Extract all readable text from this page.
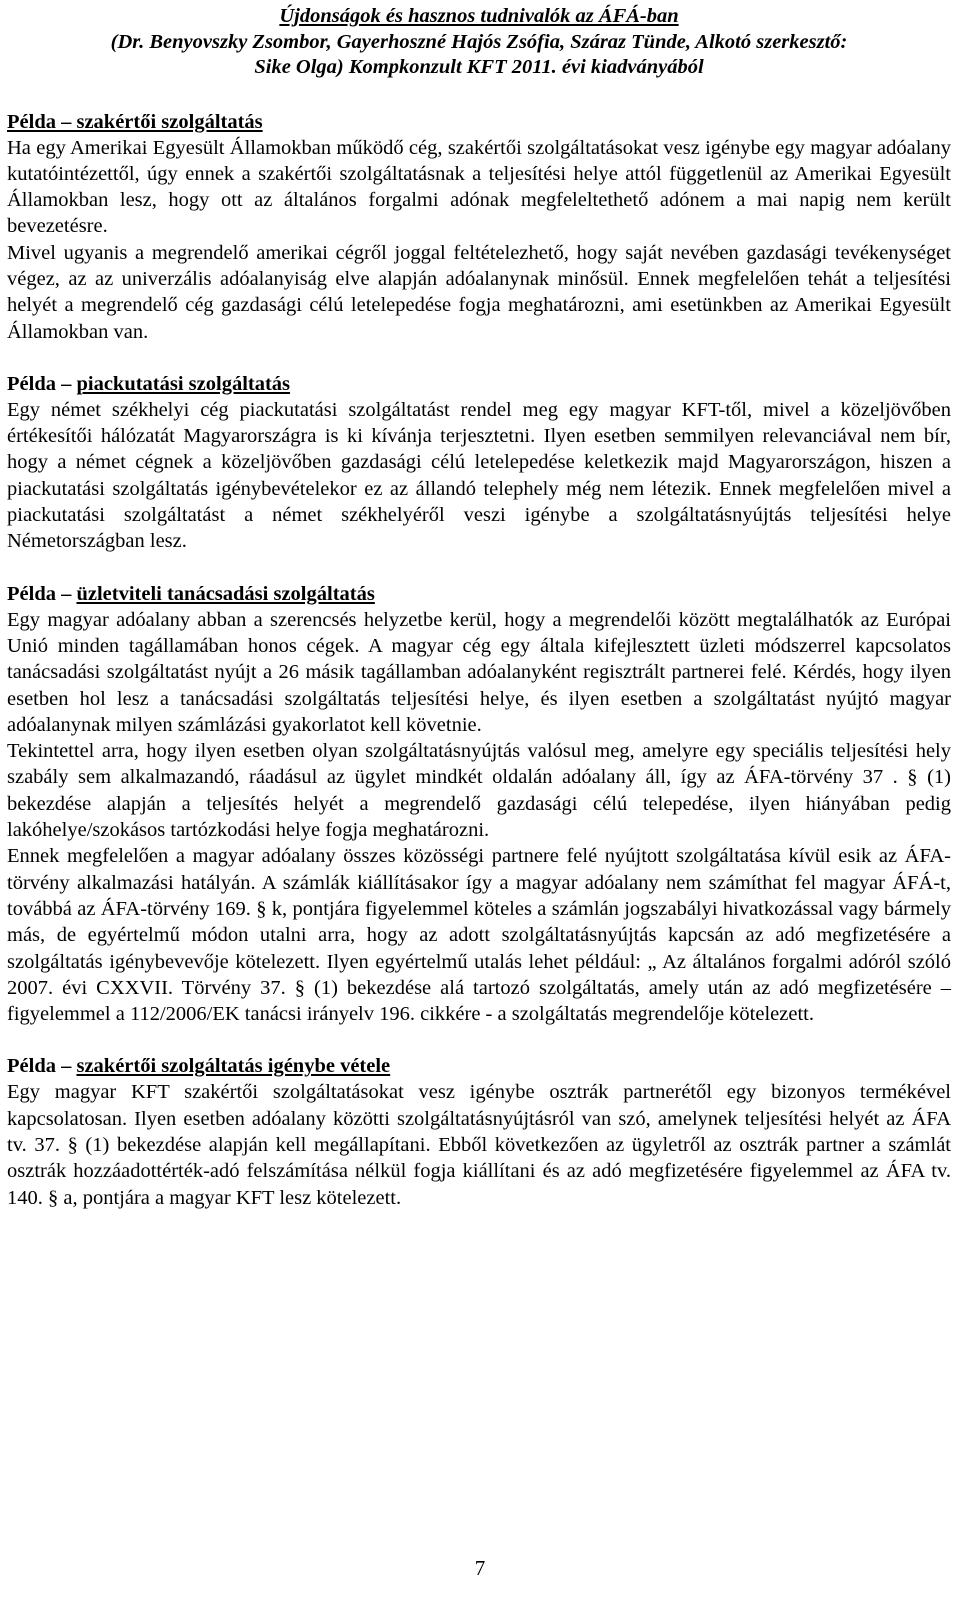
Újdonságok és hasznos tudnivalók az ÁFÁ-ban
(Dr. Benyovszky Zsombor, Gayerhoszné Hajós Zsófia, Száraz Tünde, Alkotó szerkesztő:
Sike Olga) Kompkonzult KFT 2011. évi kiadványából
Példa – szakértői szolgáltatás

Ha egy Amerikai Egyesült Államokban működő cég, szakértői szolgáltatásokat vesz igénybe egy magyar adóalany kutatóintézettől, úgy ennek a szakértői szolgáltatásnak a teljesítési helye attól függetlenül az Amerikai Egyesült Államokban lesz, hogy ott az általános forgalmi adónak megfeleltethető adónem a mai napig nem került bevezetésre.

Mivel ugyanis a megrendelő amerikai cégről joggal feltételezhető, hogy saját nevében gazdasági tevékenységet végez, az az univerzális adóalanyiság elve alapján adóalanynak minősül. Ennek megfelelően tehát a teljesítési helyét a megrendelő cég gazdasági célú letelepedése fogja meghatározni, ami esetünkben az Amerikai Egyesült Államokban van.

Példa – piackutatási szolgáltatás

Egy német székhelyi cég piackutatási szolgáltatást rendel meg egy magyar KFT-től, mivel a közeljövőben értékesítői hálózatát Magyarországra is ki kívánja terjesztetni. Ilyen esetben semmilyen relevanciával nem bír, hogy a német cégnek a közeljövőben gazdasági célú letelepedése keletkezik majd Magyarországon, hiszen a piackutatási szolgáltatás igénybevételekor ez az állandó telephely még nem létezik. Ennek megfelelően mivel a piackutatási szolgáltatást a német székhelyéről veszi igénybe a szolgáltatásnyújtás teljesítési helye Németországban lesz.

Példa – üzletviteli tanácsadási szolgáltatás

Egy magyar adóalany abban a szerencsés helyzetbe kerül, hogy a megrendelői között megtalálhatók az Európai Unió minden tagállamában honos cégek. A magyar cég egy általa kifejlesztett üzleti módszerrel kapcsolatos tanácsadási szolgáltatást nyújt a 26 másik tagállamban adóalanyként regisztrált partnerei felé. Kérdés, hogy ilyen esetben hol lesz a tanácsadási szolgáltatás teljesítési helye, és ilyen esetben a szolgáltatást nyújtó magyar adóalanynak milyen számlázási gyakorlatot kell követnie.

Tekintettel arra, hogy ilyen esetben olyan szolgáltatásnyújtás valósul meg, amelyre egy speciális teljesítési hely szabály sem alkalmazandó, ráadásul az ügylet mindkét oldalán adóalany áll, így az ÁFA-törvény 37 . § (1) bekezdése alapján a teljesítés helyét a megrendelő gazdasági célú telepedése, ilyen hiányában pedig lakóhelye/szokásos tartózkodási helye fogja meghatározni.

Ennek megfelelően a magyar adóalany összes közösségi partnere felé nyújtott szolgáltatása kívül esik az ÁFA-törvény alkalmazási hatályán. A számlák kiállításakor így a magyar adóalany nem számíthat fel magyar ÁFÁ-t, továbbá az ÁFA-törvény 169. § k, pontjára figyelemmel köteles a számlán jogszabályi hivatkozással vagy bármely más, de egyértelmű módon utalni arra, hogy az adott szolgáltatásnyújtás kapcsán az adó megfizetésére a szolgáltatás igénybevevője kötelezett. Ilyen egyértelmű utalás lehet például: „ Az általános forgalmi adóról szóló 2007. évi CXXVII. Törvény 37. § (1) bekezdése alá tartozó szolgáltatás, amely után az adó megfizetésére – figyelemmel a 112/2006/EK tanácsi irányelv 196. cikkére - a szolgáltatás megrendelője kötelezett.

Példa – szakértői szolgáltatás igénybe vétele

Egy magyar KFT szakértői szolgáltatásokat vesz igénybe osztrák partnerétől egy bizonyos termékével kapcsolatosan. Ilyen esetben adóalany közötti szolgáltatásnyújtásról van szó, amelynek teljesítési helyét az ÁFA tv. 37. § (1) bekezdése alapján kell megállapítani. Ebből következően az ügyletről az osztrák partner a számlát osztrák hozzáadottérték-adó felszámítása nélkül fogja kiállítani és az adó megfizetésére figyelemmel az ÁFA tv. 140. § a, pontjára a magyar KFT lesz kötelezett.

7
